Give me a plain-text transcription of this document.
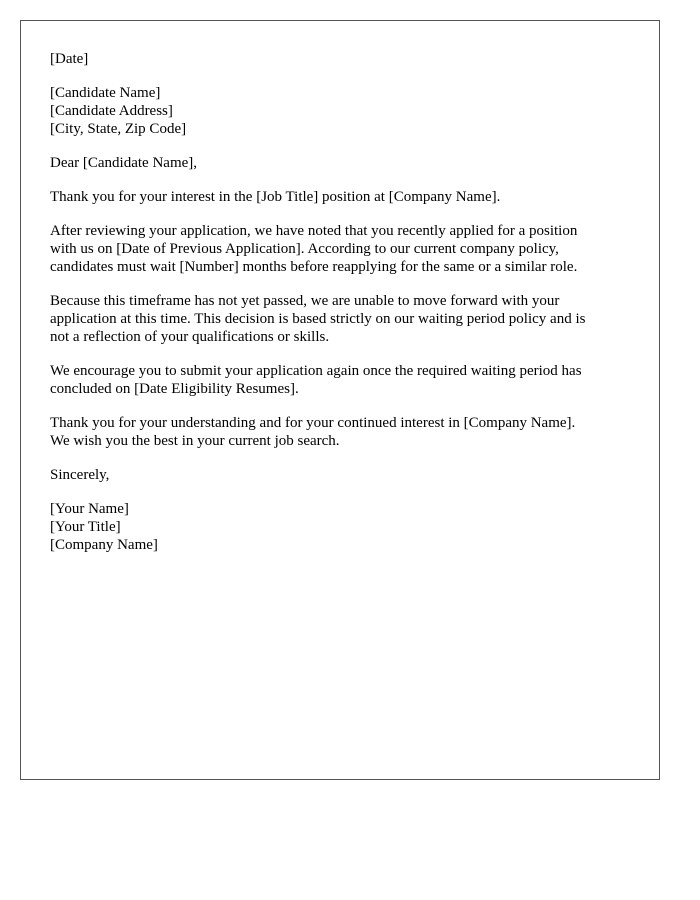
[Date]
[Candidate Name]
[Candidate Address]
[City, State, Zip Code]
Dear [Candidate Name],
Thank you for your interest in the [Job Title] position at [Company Name].
After reviewing your application, we have noted that you recently applied for a position
with us on [Date of Previous Application]. According to our current company policy,
candidates must wait [Number] months before reapplying for the same or a similar role.
Because this timeframe has not yet passed, we are unable to move forward with your
application at this time. This decision is based strictly on our waiting period policy and is
not a reflection of your qualifications or skills.
We encourage you to submit your application again once the required waiting period has
concluded on [Date Eligibility Resumes].
Thank you for your understanding and for your continued interest in [Company Name].
We wish you the best in your current job search.
Sincerely,
[Your Name]
[Your Title]
[Company Name]
